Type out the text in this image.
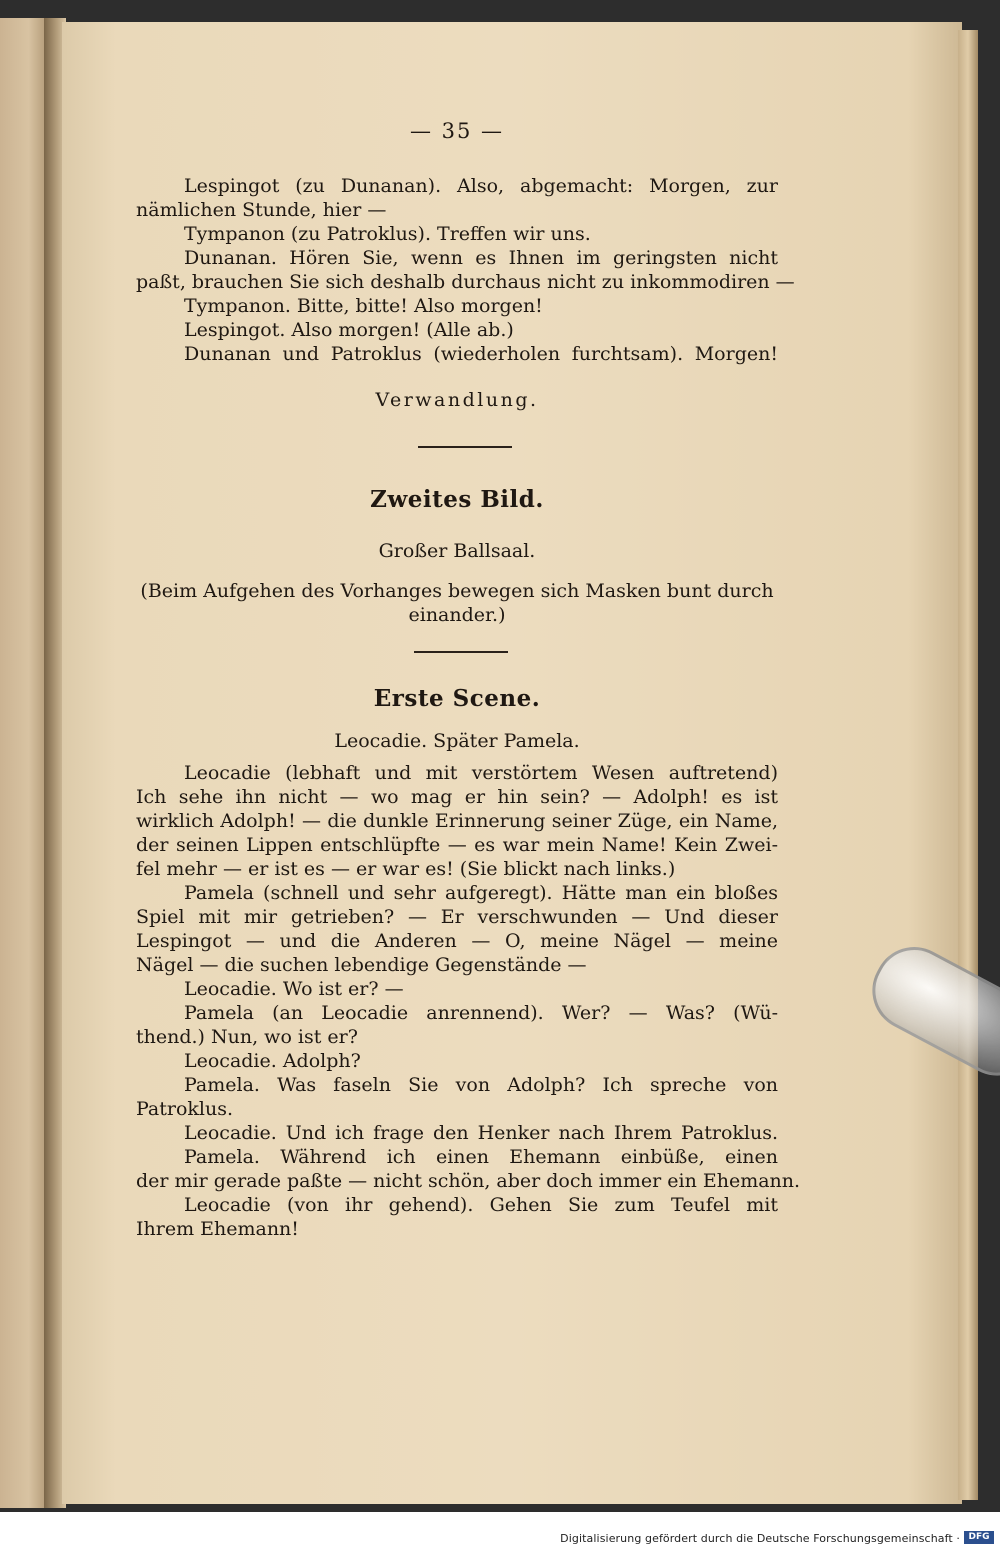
— 35 —
Lespingot (zu Dunanan). Also, abgemacht: Morgen, zur
nämlichen Stunde, hier —
Tympanon (zu Patroklus). Treffen wir uns.
Dunanan. Hören Sie, wenn es Ihnen im geringsten nicht
paßt, brauchen Sie sich deshalb durchaus nicht zu inkommodiren —
Tympanon. Bitte, bitte! Also morgen!
Lespingot. Also morgen! (Alle ab.)
Dunanan und Patroklus (wiederholen furchtsam). Morgen!
Verwandlung.
Zweites Bild.
Großer Ballsaal.
(Beim Aufgehen des Vorhanges bewegen sich Masken bunt durch
einander.)
Erste Scene.
Leocadie. Später Pamela.
Leocadie (lebhaft und mit verstörtem Wesen auftretend)
Ich sehe ihn nicht — wo mag er hin sein? — Adolph! es ist
wirklich Adolph! — die dunkle Erinnerung seiner Züge, ein Name,
der seinen Lippen entschlüpfte — es war mein Name! Kein Zwei-
fel mehr — er ist es — er war es! (Sie blickt nach links.)
Pamela (schnell und sehr aufgeregt). Hätte man ein bloßes
Spiel mit mir getrieben? — Er verschwunden — Und dieser
Lespingot — und die Anderen — O, meine Nägel — meine
Nägel — die suchen lebendige Gegenstände —
Leocadie. Wo ist er? —
Pamela (an Leocadie anrennend). Wer? — Was? (Wü-
thend.) Nun, wo ist er?
Leocadie. Adolph?
Pamela. Was faseln Sie von Adolph? Ich spreche von
Patroklus.
Leocadie. Und ich frage den Henker nach Ihrem Patroklus.
Pamela. Während ich einen Ehemann einbüße, einen
der mir gerade paßte — nicht schön, aber doch immer ein Ehemann.
Leocadie (von ihr gehend). Gehen Sie zum Teufel mit
Ihrem Ehemann!
Digitalisierung gefördert durch die Deutsche Forschungsgemeinschaft · DFG
